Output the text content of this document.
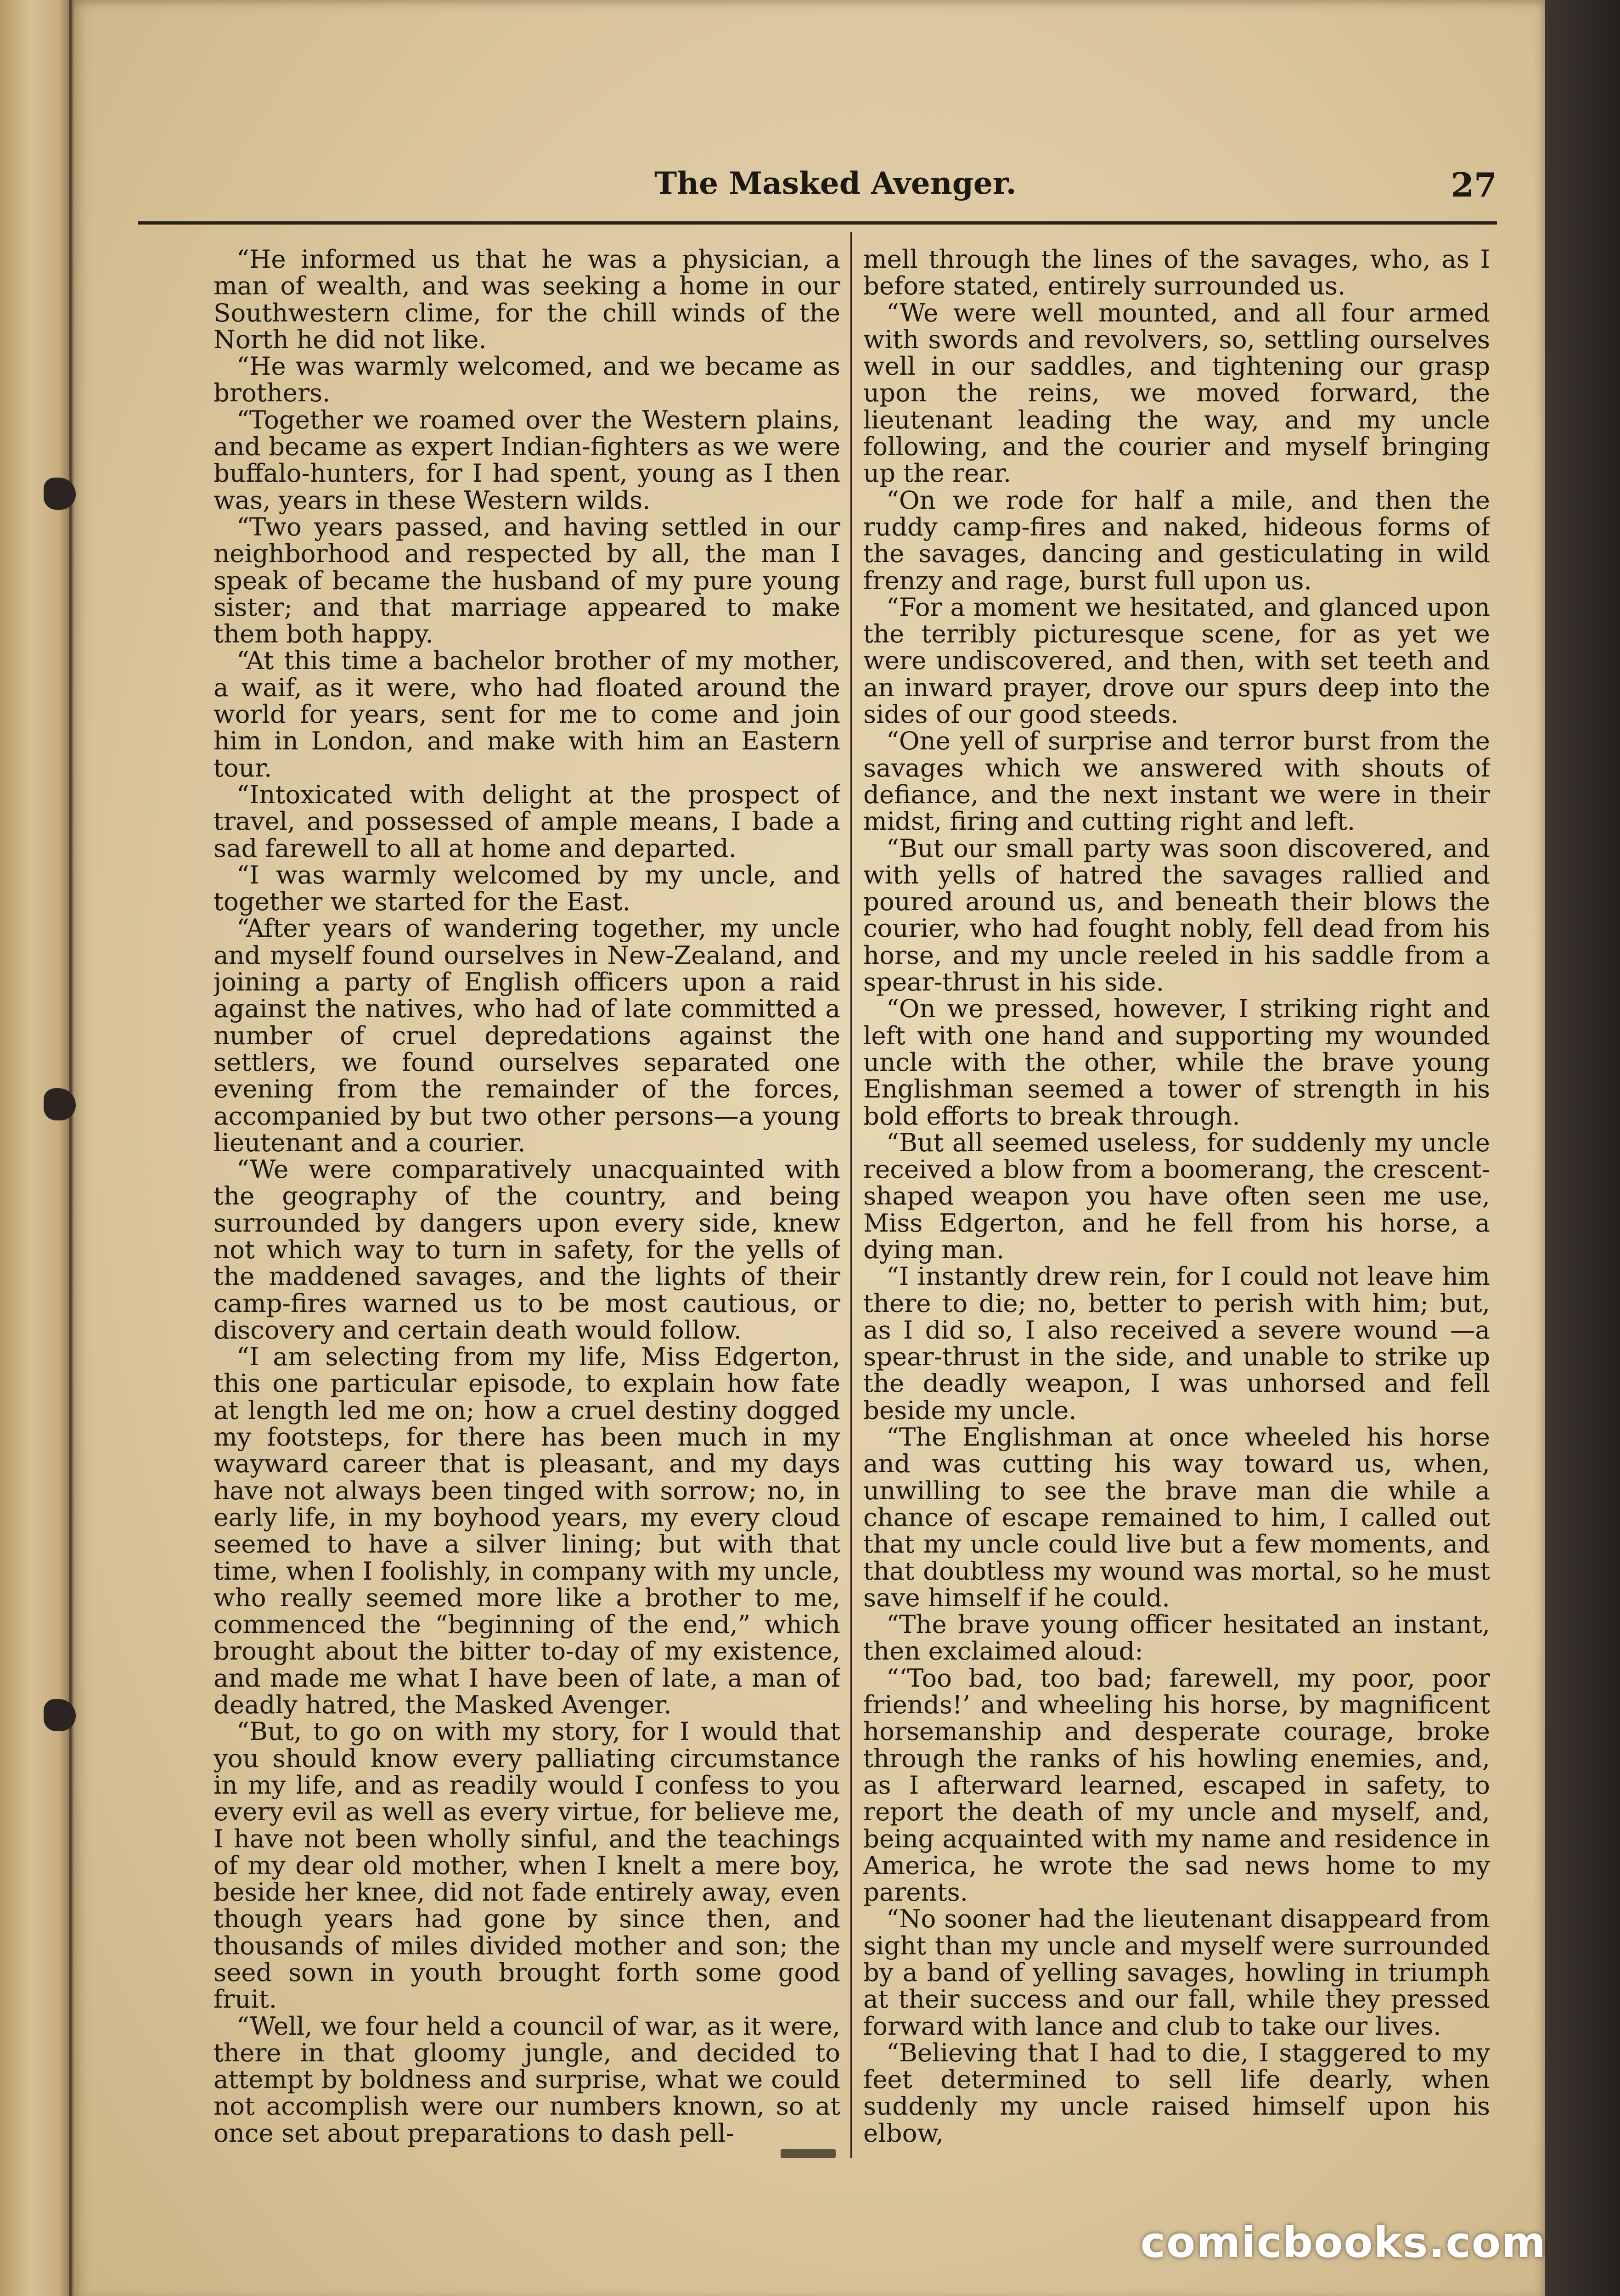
The Masked Avenger.	27

“He informed us that he was a physician, a man of wealth, and was seeking a home in our Southwestern clime, for the chill winds of the North he did not like.

“He was warmly welcomed, and we became as brothers.

“Together we roamed over the Western plains, and became as expert Indian-fighters as we were buffalo-hunters, for I had spent, young as I then was, years in these Western wilds.

“Two years passed, and having settled in our neighborhood and respected by all, the man I speak of became the husband of my pure young sister; and that marriage appeared to make them both happy.

“At this time a bachelor brother of my mother, a waif, as it were, who had floated around the world for years, sent for me to come and join him in London, and make with him an Eastern tour.

“Intoxicated with delight at the prospect of travel, and possessed of ample means, I bade a sad farewell to all at home and departed.

“I was warmly welcomed by my uncle, and together we started for the East.

“After years of wandering together, my uncle and myself found ourselves in New-Zealand, and joining a party of English officers upon a raid against the natives, who had of late committed a number of cruel depredations against the settlers, we found ourselves separated one evening from the remainder of the forces, accompanied by but two other persons—a young lieutenant and a courier.

“We were comparatively unacquainted with the geography of the country, and being surrounded by dangers upon every side, knew not which way to turn in safety, for the yells of the maddened savages, and the lights of their camp-fires warned us to be most cautious, or discovery and certain death would follow.

“I am selecting from my life, Miss Edgerton, this one particular episode, to explain how fate at length led me on; how a cruel destiny dogged my footsteps, for there has been much in my wayward career that is pleasant, and my days have not always been tinged with sorrow; no, in early life, in my boyhood years, my every cloud seemed to have a silver lining; but with that time, when I foolishly, in company with my uncle, who really seemed more like a brother to me, commenced the “beginning of the end,” which brought about the bitter to-day of my existence, and made me what I have been of late, a man of deadly hatred, the Masked Avenger.

“But, to go on with my story, for I would that you should know every palliating circumstance in my life, and as readily would I confess to you every evil as well as every virtue, for believe me, I have not been wholly sinful, and the teachings of my dear old mother, when I knelt a mere boy, beside her knee, did not fade entirely away, even though years had gone by since then, and thousands of miles divided mother and son; the seed sown in youth brought forth some good fruit.

“Well, we four held a council of war, as it were, there in that gloomy jungle, and decided to attempt by boldness and surprise, what we could not accomplish were our numbers known, so at once set about preparations to dash pell-

mell through the lines of the savages, who, as I before stated, entirely surrounded us.

“We were well mounted, and all four armed with swords and revolvers, so, settling ourselves well in our saddles, and tightening our grasp upon the reins, we moved forward, the lieutenant leading the way, and my uncle following, and the courier and myself bringing up the rear.

“On we rode for half a mile, and then the ruddy camp-fires and naked, hideous forms of the savages, dancing and gesticulating in wild frenzy and rage, burst full upon us.

“For a moment we hesitated, and glanced upon the terribly picturesque scene, for as yet we were undiscovered, and then, with set teeth and an inward prayer, drove our spurs deep into the sides of our good steeds.

“One yell of surprise and terror burst from the savages which we answered with shouts of defiance, and the next instant we were in their midst, firing and cutting right and left.

“But our small party was soon discovered, and with yells of hatred the savages rallied and poured around us, and beneath their blows the courier, who had fought nobly, fell dead from his horse, and my uncle reeled in his saddle from a spear-thrust in his side.

“On we pressed, however, I striking right and left with one hand and supporting my wounded uncle with the other, while the brave young Englishman seemed a tower of strength in his bold efforts to break through.

“But all seemed useless, for suddenly my uncle received a blow from a boomerang, the crescent-shaped weapon you have often seen me use, Miss Edgerton, and he fell from his horse, a dying man.

“I instantly drew rein, for I could not leave him there to die; no, better to perish with him; but, as I did so, I also received a severe wound —a spear-thrust in the side, and unable to strike up the deadly weapon, I was unhorsed and fell beside my uncle.

“The Englishman at once wheeled his horse and was cutting his way toward us, when, unwilling to see the brave man die while a chance of escape remained to him, I called out that my uncle could live but a few moments, and that doubtless my wound was mortal, so he must save himself if he could.

“The brave young officer hesitated an instant, then exclaimed aloud:

“‘Too bad, too bad; farewell, my poor, poor friends!’ and wheeling his horse, by magnificent horsemanship and desperate courage, broke through the ranks of his howling enemies, and, as I afterward learned, escaped in safety, to report the death of my uncle and myself, and, being acquainted with my name and residence in America, he wrote the sad news home to my parents.

“No sooner had the lieutenant disappeard from sight than my uncle and myself were surrounded by a band of yelling savages, howling in triumph at their success and our fall, while they pressed forward with lance and club to take our lives.

“Believing that I had to die, I staggered to my feet determined to sell life dearly, when suddenly my uncle raised himself upon his elbow,

comicbooks.com
